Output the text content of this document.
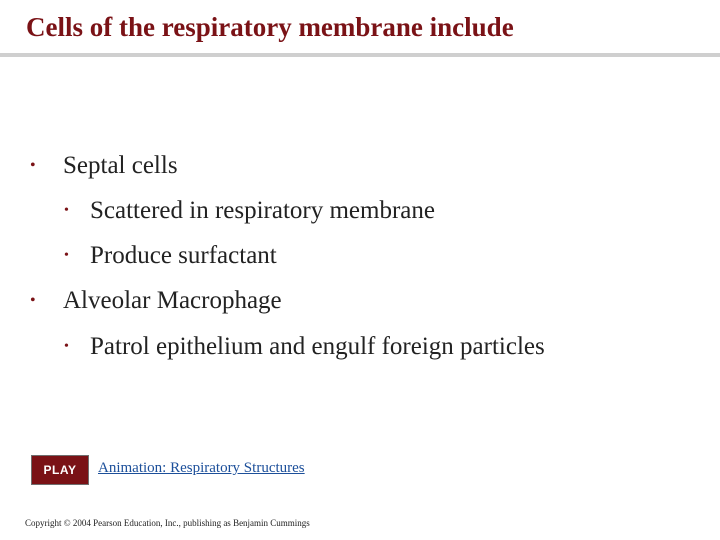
Cells of the respiratory membrane include
• Septal cells
• Scattered in respiratory membrane
• Produce surfactant
• Alveolar Macrophage
• Patrol epithelium and engulf foreign particles
PLAY Animation: Respiratory Structures
Copyright © 2004 Pearson Education, Inc., publishing as Benjamin Cummings
